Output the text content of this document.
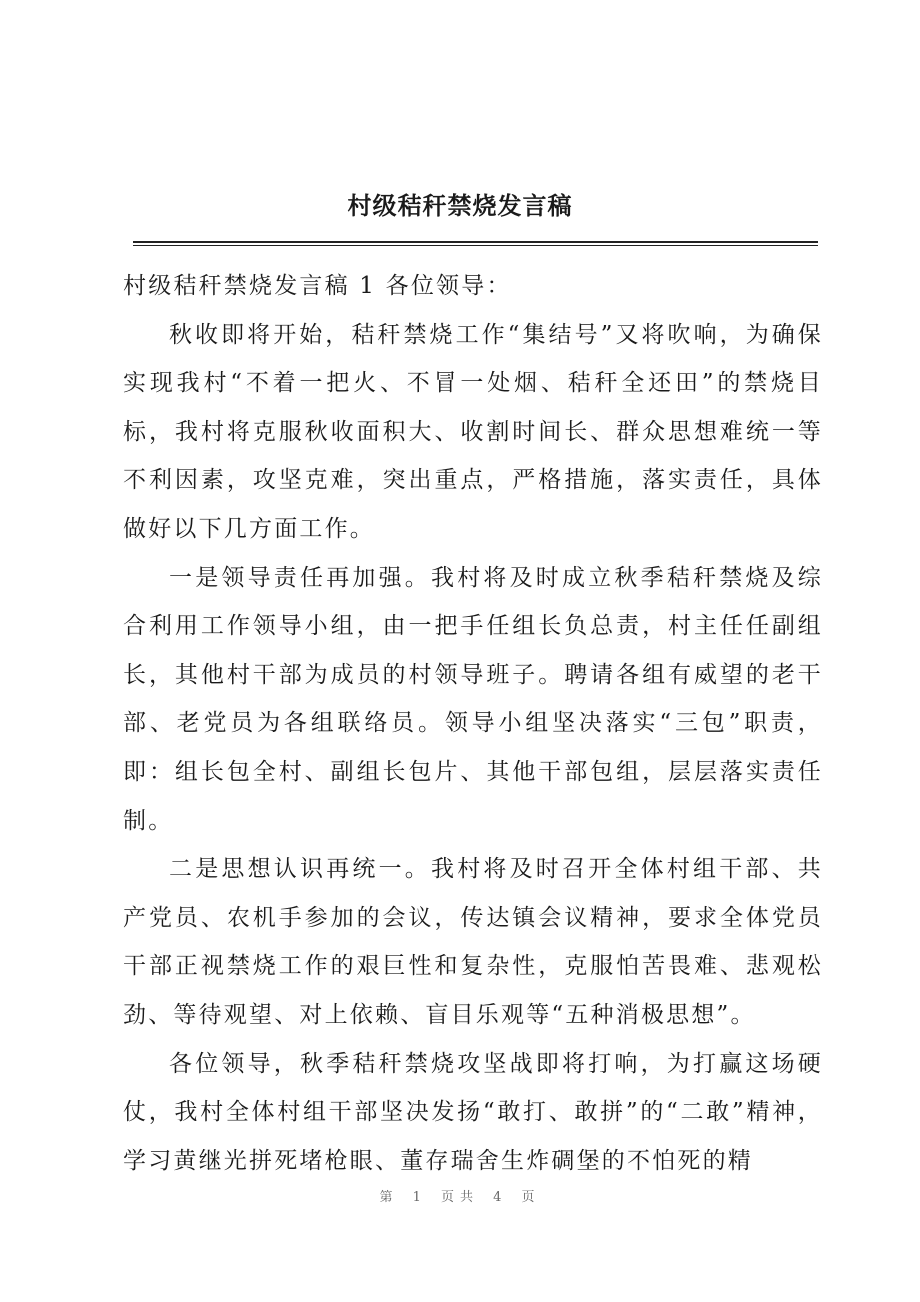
村级秸秆禁烧发言稿

村级秸秆禁烧发言稿 1 各位领导：

秋收即将开始，秸秆禁烧工作“集结号”又将吹响，为确保实现我村“不着一把火、不冒一处烟、秸秆全还田”的禁烧目标，我村将克服秋收面积大、收割时间长、群众思想难统一等不利因素，攻坚克难，突出重点，严格措施，落实责任，具体做好以下几方面工作。

一是领导责任再加强。我村将及时成立秋季秸秆禁烧及综合利用工作领导小组，由一把手任组长负总责，村主任任副组长，其他村干部为成员的村领导班子。聘请各组有威望的老干部、老党员为各组联络员。领导小组坚决落实“三包”职责，即：组长包全村、副组长包片、其他干部包组，层层落实责任制。

二是思想认识再统一。我村将及时召开全体村组干部、共产党员、农机手参加的会议，传达镇会议精神，要求全体党员干部正视禁烧工作的艰巨性和复杂性，克服怕苦畏难、悲观松劲、等待观望、对上依赖、盲目乐观等“五种消极思想”。

各位领导，秋季秸秆禁烧攻坚战即将打响，为打赢这场硬仗，我村全体村组干部坚决发扬“敢打、敢拼”的“二敢”精神，学习黄继光拼死堵枪眼、董存瑞舍生炸碉堡的不怕死的精

第 1 页共 4 页
